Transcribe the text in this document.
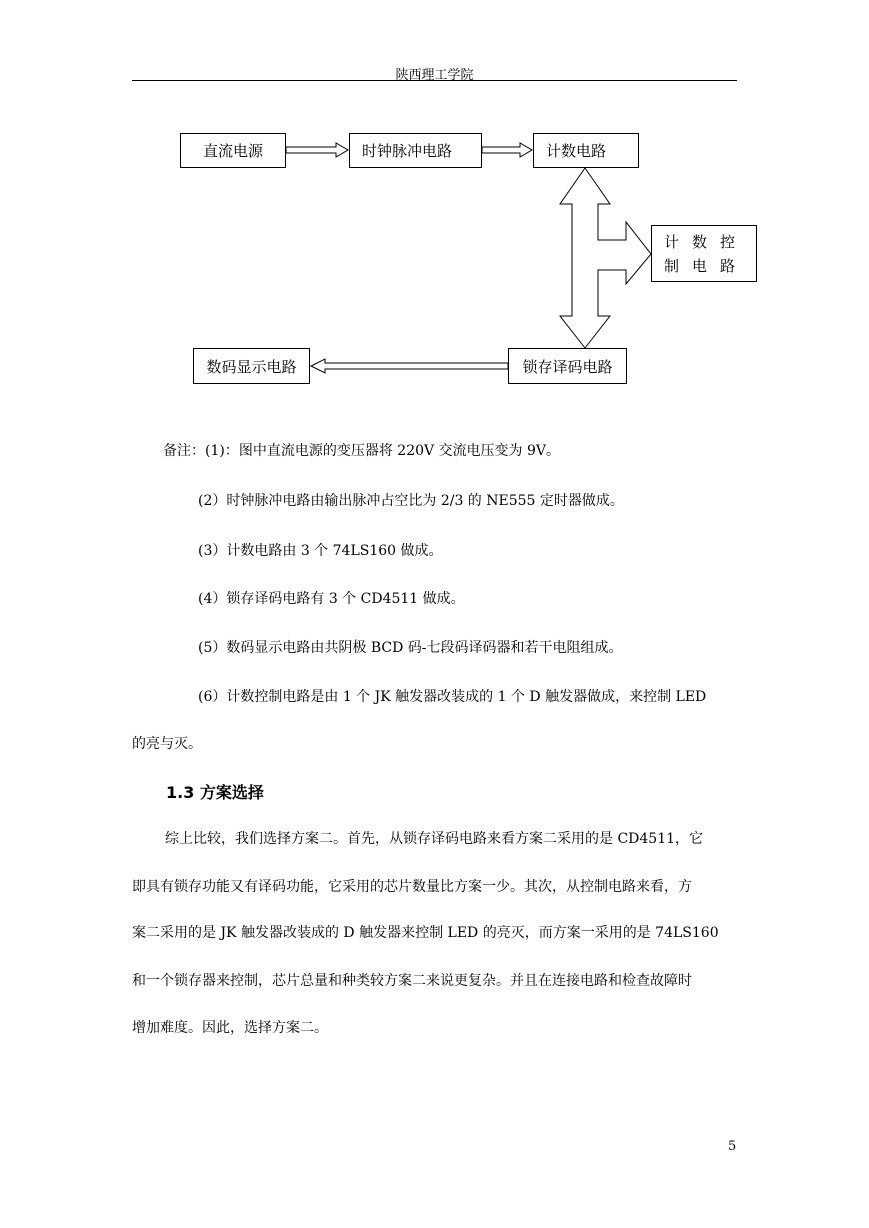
陕西理工学院
直流电源	时钟脉冲电路	计数电路
计数控
制电路
数码显示电路	锁存译码电路
备注：(1)：图中直流电源的变压器将 220V 交流电压变为 9V。
(2）时钟脉冲电路由输出脉冲占空比为 2/3 的 NE555 定时器做成。
(3）计数电路由 3 个 74LS160 做成。
(4）锁存译码电路有 3 个 CD4511 做成。
(5）数码显示电路由共阴极 BCD 码-七段码译码器和若干电阻组成。
(6）计数控制电路是由 1 个 JK 触发器改装成的 1 个 D 触发器做成，来控制 LED
的亮与灭。
1.3 方案选择
综上比较，我们选择方案二。首先，从锁存译码电路来看方案二采用的是 CD4511，它
即具有锁存功能又有译码功能，它采用的芯片数量比方案一少。其次，从控制电路来看，方
案二采用的是 JK 触发器改装成的 D 触发器来控制 LED 的亮灭，而方案一采用的是 74LS160
和一个锁存器来控制，芯片总量和种类较方案二来说更复杂。并且在连接电路和检查故障时
增加难度。因此，选择方案二。
5
